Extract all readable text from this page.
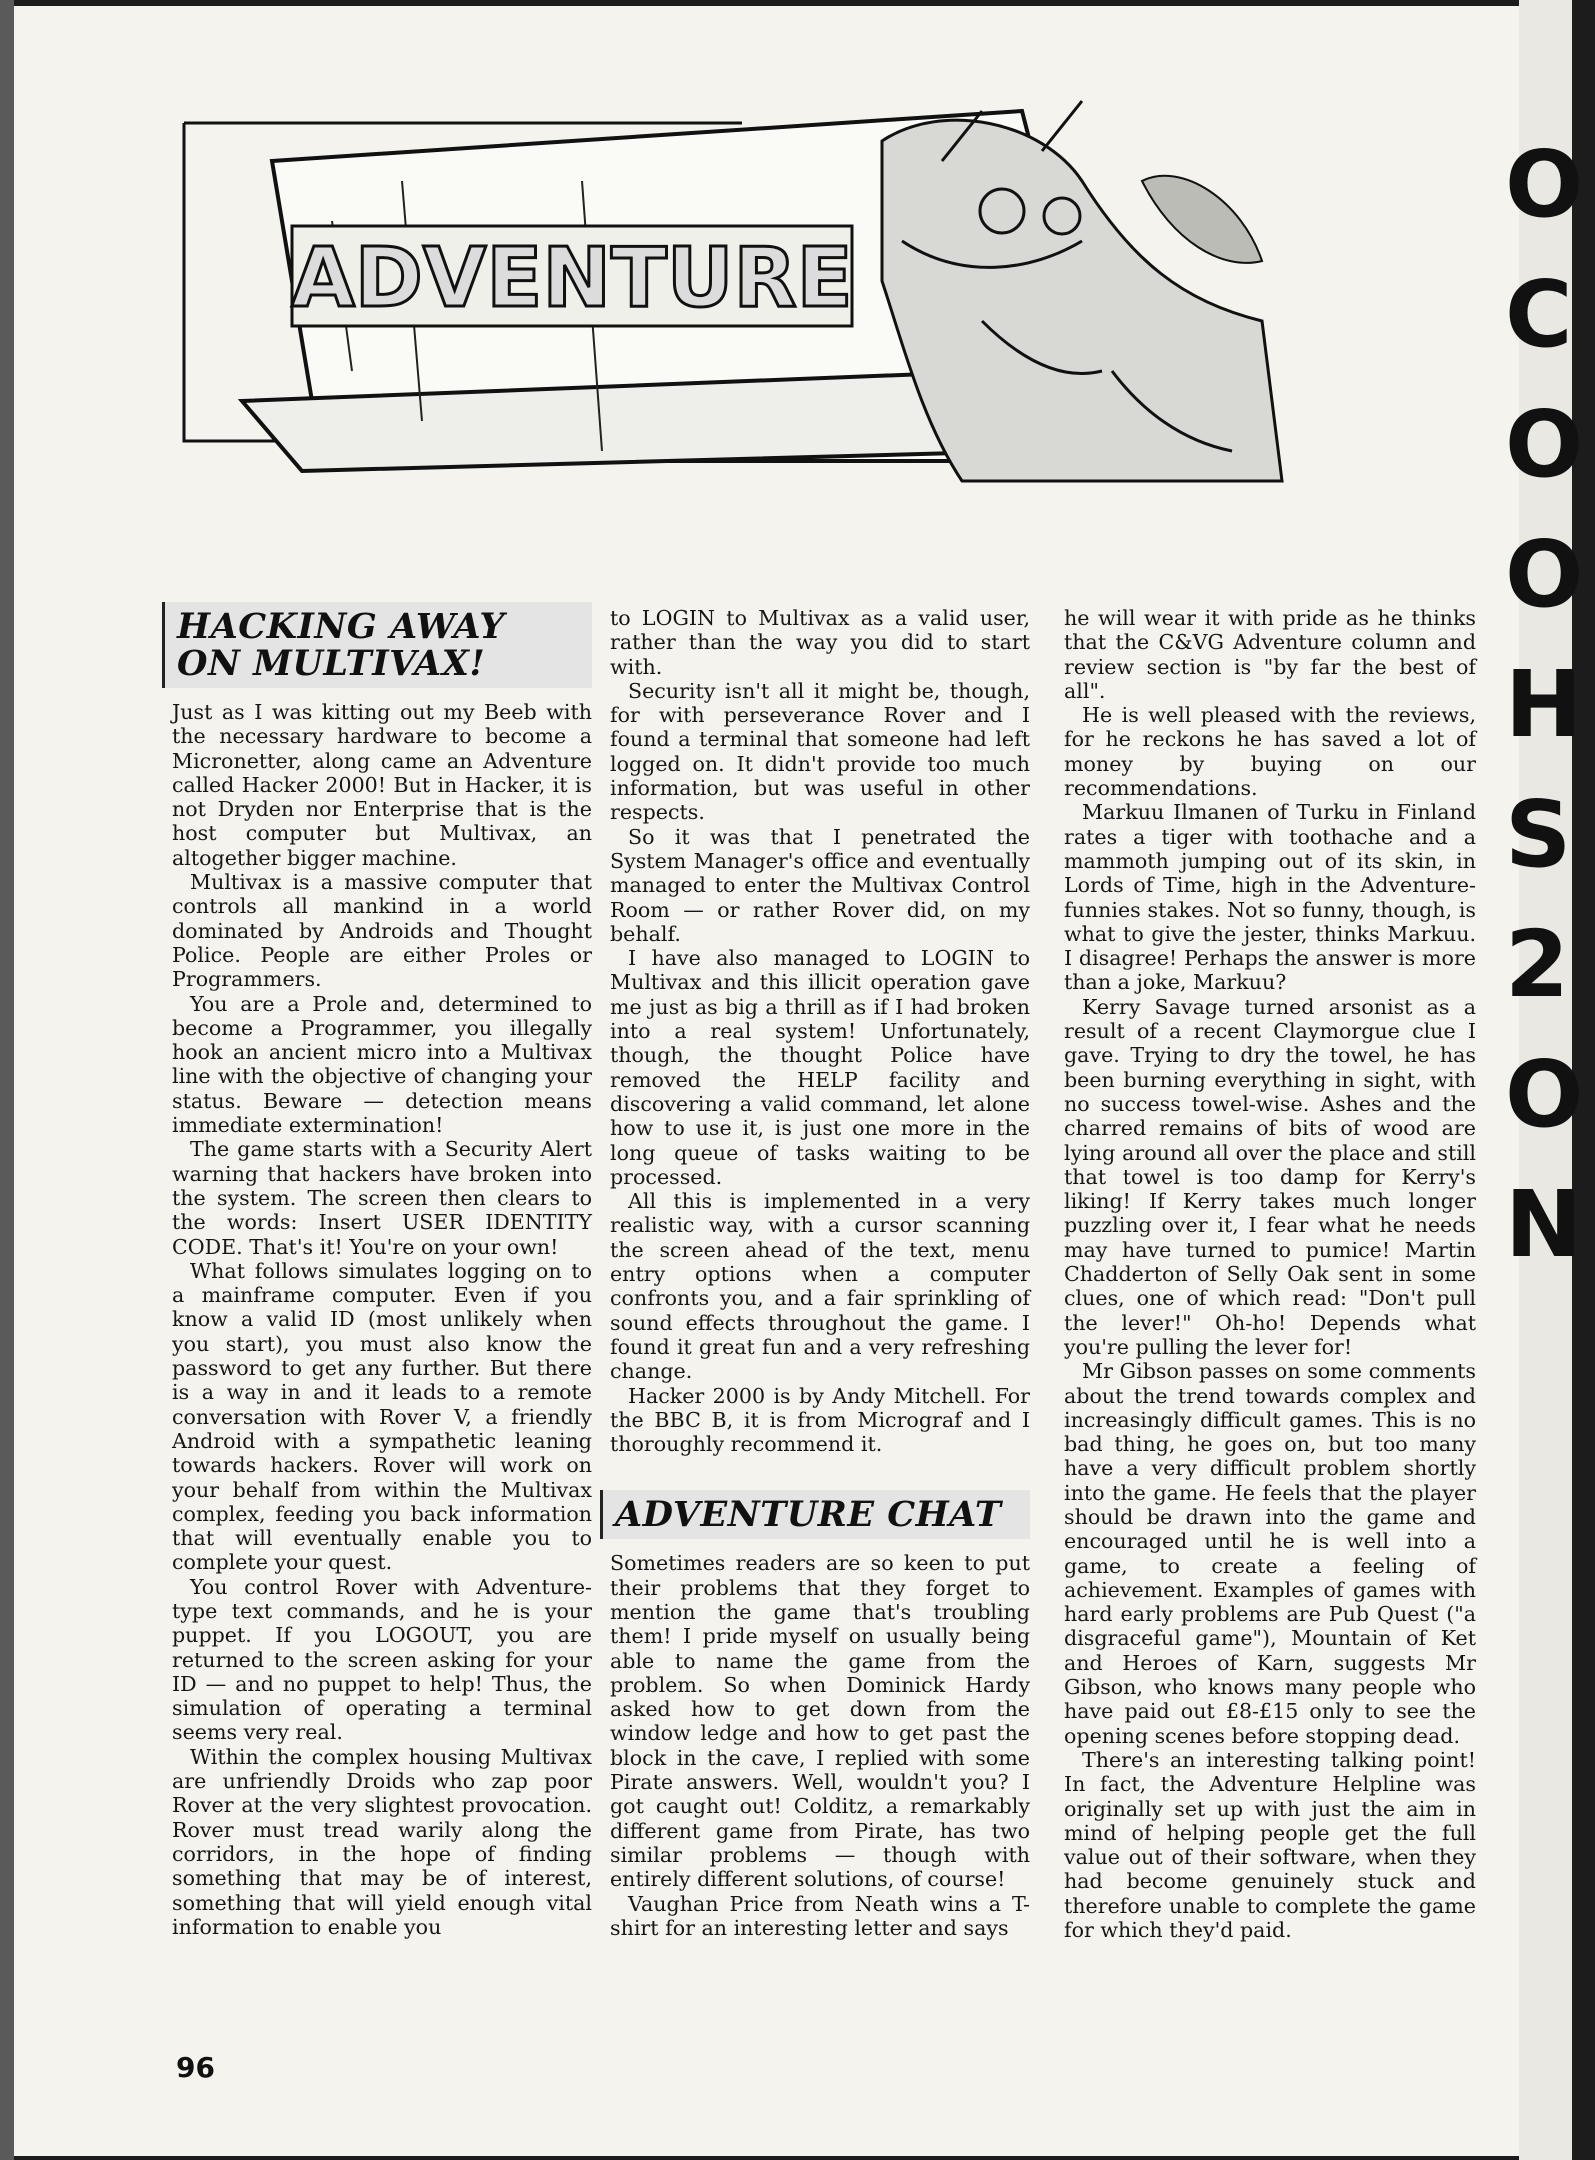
ADVENTURE
HACKING AWAY ON MULTIVAX!

Just as I was kitting out my Beeb with the necessary hardware to become a Micronetter, along came an Adventure called Hacker 2000! But in Hacker, it is not Dryden nor Enterprise that is the host computer but Multivax, an altogether bigger machine.

Multivax is a massive computer that controls all mankind in a world dominated by Androids and Thought Police. People are either Proles or Programmers.

You are a Prole and, determined to become a Programmer, you illegally hook an ancient micro into a Multivax line with the objective of changing your status. Beware — detection means immediate extermination!

The game starts with a Security Alert warning that hackers have broken into the system. The screen then clears to the words: Insert USER IDENTITY CODE. That's it! You're on your own!

What follows simulates logging on to a mainframe computer. Even if you know a valid ID (most unlikely when you start), you must also know the password to get any further. But there is a way in and it leads to a remote conversation with Rover V, a friendly Android with a sympathetic leaning towards hackers. Rover will work on your behalf from within the Multivax complex, feeding you back information that will eventually enable you to complete your quest.

You control Rover with Adventure-type text commands, and he is your puppet. If you LOGOUT, you are returned to the screen asking for your ID — and no puppet to help! Thus, the simulation of operating a terminal seems very real.

Within the complex housing Multivax are unfriendly Droids who zap poor Rover at the very slightest provocation. Rover must tread warily along the corridors, in the hope of finding something that may be of interest, something that will yield enough vital information to enable you

to LOGIN to Multivax as a valid user, rather than the way you did to start with.

Security isn't all it might be, though, for with perseverance Rover and I found a terminal that someone had left logged on. It didn't provide too much information, but was useful in other respects.

So it was that I penetrated the System Manager's office and eventually managed to enter the Multivax Control Room — or rather Rover did, on my behalf.

I have also managed to LOGIN to Multivax and this illicit operation gave me just as big a thrill as if I had broken into a real system! Unfortunately, though, the thought Police have removed the HELP facility and discovering a valid command, let alone how to use it, is just one more in the long queue of tasks waiting to be processed.

All this is implemented in a very realistic way, with a cursor scanning the screen ahead of the text, menu entry options when a computer confronts you, and a fair sprinkling of sound effects throughout the game. I found it great fun and a very refreshing change.

Hacker 2000 is by Andy Mitchell. For the BBC B, it is from Micrograf and I thoroughly recommend it.

ADVENTURE CHAT

Sometimes readers are so keen to put their problems that they forget to mention the game that's troubling them! I pride myself on usually being able to name the game from the problem. So when Dominick Hardy asked how to get down from the window ledge and how to get past the block in the cave, I replied with some Pirate answers. Well, wouldn't you? I got caught out! Colditz, a remarkably different game from Pirate, has two similar problems — though with entirely different solutions, of course!

Vaughan Price from Neath wins a T-shirt for an interesting letter and says

he will wear it with pride as he thinks that the C&VG Adventure column and review section is "by far the best of all".

He is well pleased with the reviews, for he reckons he has saved a lot of money by buying on our recommendations.

Markuu Ilmanen of Turku in Finland rates a tiger with toothache and a mammoth jumping out of its skin, in Lords of Time, high in the Adventure-funnies stakes. Not so funny, though, is what to give the jester, thinks Markuu. I disagree! Perhaps the answer is more than a joke, Markuu?

Kerry Savage turned arsonist as a result of a recent Claymorgue clue I gave. Trying to dry the towel, he has been burning everything in sight, with no success towel-wise. Ashes and the charred remains of bits of wood are lying around all over the place and still that towel is too damp for Kerry's liking! If Kerry takes much longer puzzling over it, I fear what he needs may have turned to pumice! Martin Chadderton of Selly Oak sent in some clues, one of which read: "Don't pull the lever!" Oh-ho! Depends what you're pulling the lever for!

Mr Gibson passes on some comments about the trend towards complex and increasingly difficult games. This is no bad thing, he goes on, but too many have a very difficult problem shortly into the game. He feels that the player should be drawn into the game and encouraged until he is well into a game, to create a feeling of achievement. Examples of games with hard early problems are Pub Quest ("a disgraceful game"), Mountain of Ket and Heroes of Karn, suggests Mr Gibson, who knows many people who have paid out £8-£15 only to see the opening scenes before stopping dead.

There's an interesting talking point! In fact, the Adventure Helpline was originally set up with just the aim in mind of helping people get the full value out of their software, when they had become genuinely stuck and therefore unable to complete the game for which they'd paid.

96
O
C
O
O
H
S
2
O
N
